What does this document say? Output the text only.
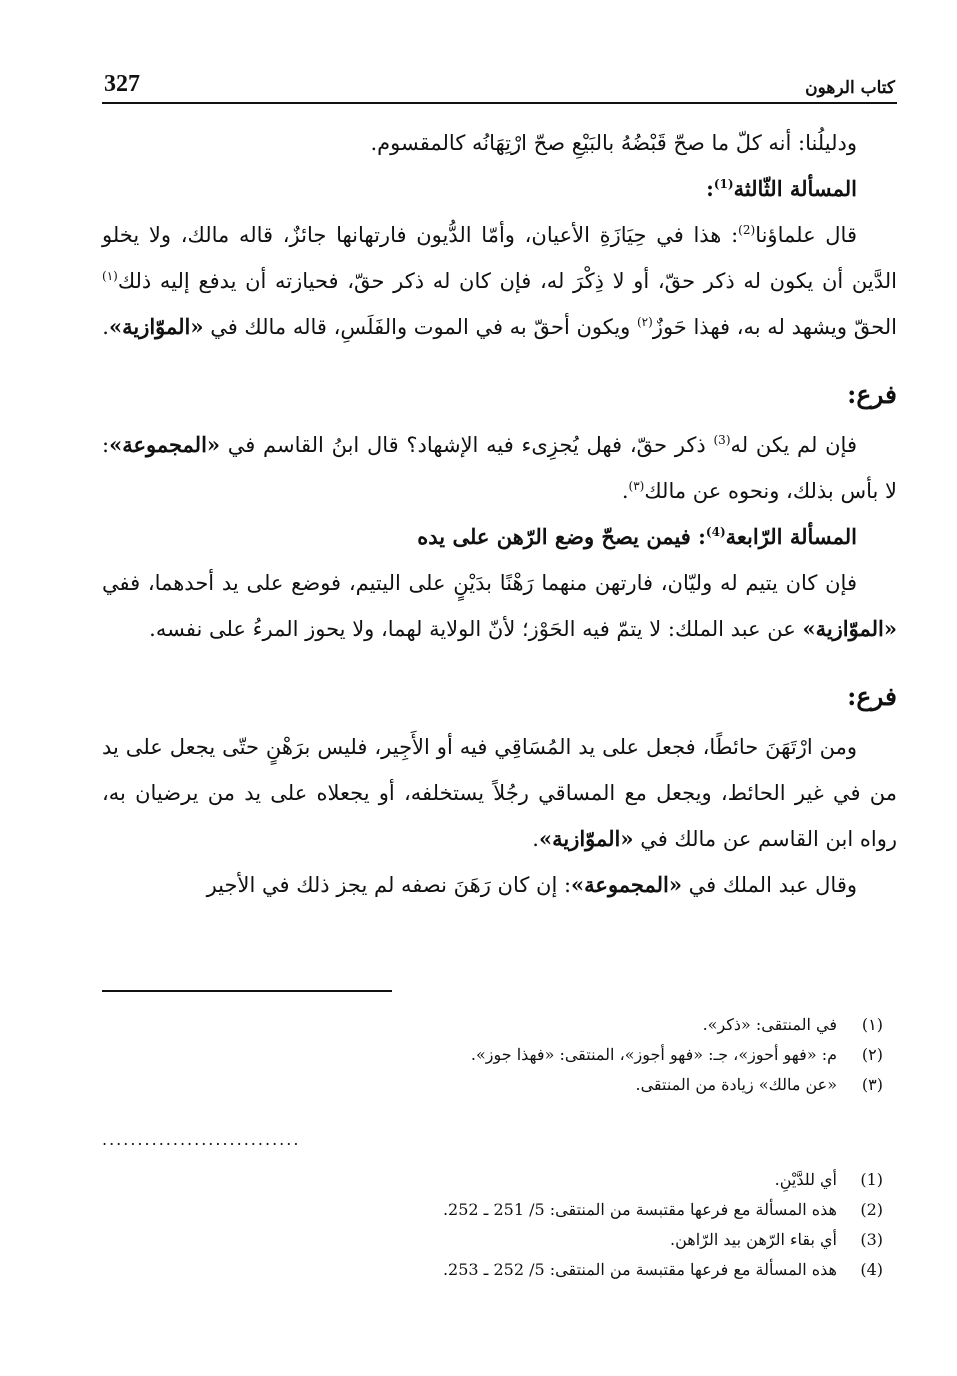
كتاب الرهون
327

ودليلُنا: أنه كلّ ما صحّ قَبْضُهُ بالبَيْعِ صحّ ارْتِهَانُه كالمقسوم.

المسألة الثّالثة$^{(1)}$:

قال علماؤنا$^{(2)}$: هذا في حِيَازَةِ الأعيان، وأمّا الدُّيون فارتهانها جائزٌ، قاله مالك، ولا يخلو الدَّين أن يكون له ذكر حقّ، أو لا ذِكْرَ له، فإن كان له ذكر حقّ، فحيازته أن يدفع إليه ذلك$^{(١)}$ الحقّ ويشهد له به، فهذا حَوزٌ$^{(٢)}$ ويكون أحقّ به في الموت والفَلَسِ، قاله مالك في «الموّازية».

فرع:

فإن لم يكن له$^{(3)}$ ذكر حقّ، فهل يُجزِىء فيه الإشهاد؟ قال ابنُ القاسم في «المجموعة»: لا بأس بذلك، ونحوه عن مالك$^{(٣)}$.

المسألة الرّابعة$^{(4)}$: فيمن يصحّ وضع الرّهن على يده

فإن كان يتيم له وليّان، فارتهن منهما رَهْنًا بدَيْنٍ على اليتيم، فوضع على يد أحدهما، ففي «الموّازية» عن عبد الملك: لا يتمّ فيه الحَوْز؛ لأنّ الولاية لهما، ولا يحوز المرءُ على نفسه.

فرع:

ومن ارْتَهَنَ حائطًا، فجعل على يد المُسَاقِي فيه أو الأَجِير، فليس برَهْنٍ حتّى يجعل على يد من في غير الحائط، ويجعل مع المساقي رجُلاً يستخلفه، أو يجعلاه على يد من يرضيان به، رواه ابن القاسم عن مالك في «الموّازية».

وقال عبد الملك في «المجموعة»: إن كان رَهَنَ نصفه لم يجز ذلك في الأجير

(١)
في المنتقى: «ذكر».
(٢)
م: «فهو أحوز»، جـ: «فهو أجوز»، المنتقى: «فهذا جوز».
(٣)
«عن مالك» زيادة من المنتقى.
............................
(1)
أي للدَّيْنِ.
(2)
هذه المسألة مع فرعها مقتبسة من المنتقى: 5/ 251 ـ 252.
(3)
أي بقاء الرّهن بيد الرّاهن.
(4)
هذه المسألة مع فرعها مقتبسة من المنتقى: 5/ 252 ـ 253.
